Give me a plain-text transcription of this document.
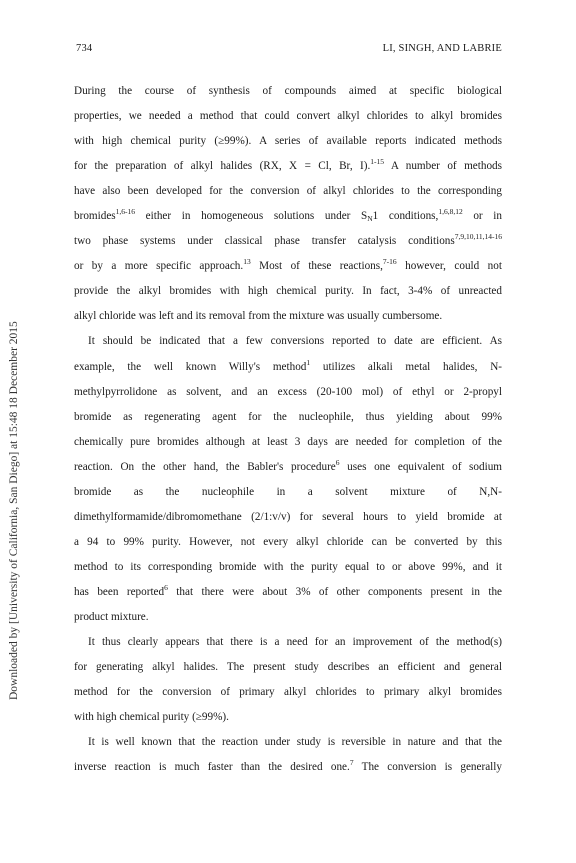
734	LI, SINGH, AND LABRIE
Downloaded by [University of California, San Diego] at 15:48 18 December 2015
During the course of synthesis of compounds aimed at specific biological
properties, we needed a method that could convert alkyl chlorides to alkyl bromides
with high chemical purity (≥99%). A series of available reports indicated methods
for the preparation of alkyl halides (RX, X = Cl, Br, I).$^{1-15}$ A number of methods
have also been developed for the conversion of alkyl chlorides to the corresponding
bromides$^{1,6-16}$ either in homogeneous solutions under $S_N1$ conditions,$^{1,6,8,12}$ or in
two phase systems under classical phase transfer catalysis conditions$^{7,9,10,11,14-16}$
or by a more specific approach.$^{13}$ Most of these reactions,$^{7-16}$ however, could not
provide the alkyl bromides with high chemical purity. In fact, 3-4% of unreacted
alkyl chloride was left and its removal from the mixture was usually cumbersome.
It should be indicated that a few conversions reported to date are efficient. As
example, the well known Willy's method$^1$ utilizes alkali metal halides, N-
methylpyrrolidone as solvent, and an excess (20-100 mol) of ethyl or 2-propyl
bromide as regenerating agent for the nucleophile, thus yielding about 99%
chemically pure bromides although at least 3 days are needed for completion of the
reaction. On the other hand, the Babler's procedure$^6$ uses one equivalent of sodium
bromide as the nucleophile in a solvent mixture of N,N-
dimethylformamide/dibromomethane (2/1:v/v) for several hours to yield bromide at
a 94 to 99% purity. However, not every alkyl chloride can be converted by this
method to its corresponding bromide with the purity equal to or above 99%, and it
has been reported$^6$ that there were about 3% of other components present in the
product mixture.
It thus clearly appears that there is a need for an improvement of the method(s)
for generating alkyl halides. The present study describes an efficient and general
method for the conversion of primary alkyl chlorides to primary alkyl bromides
with high chemical purity (≥99%).
It is well known that the reaction under study is reversible in nature and that the
inverse reaction is much faster than the desired one.$^7$ The conversion is generally
